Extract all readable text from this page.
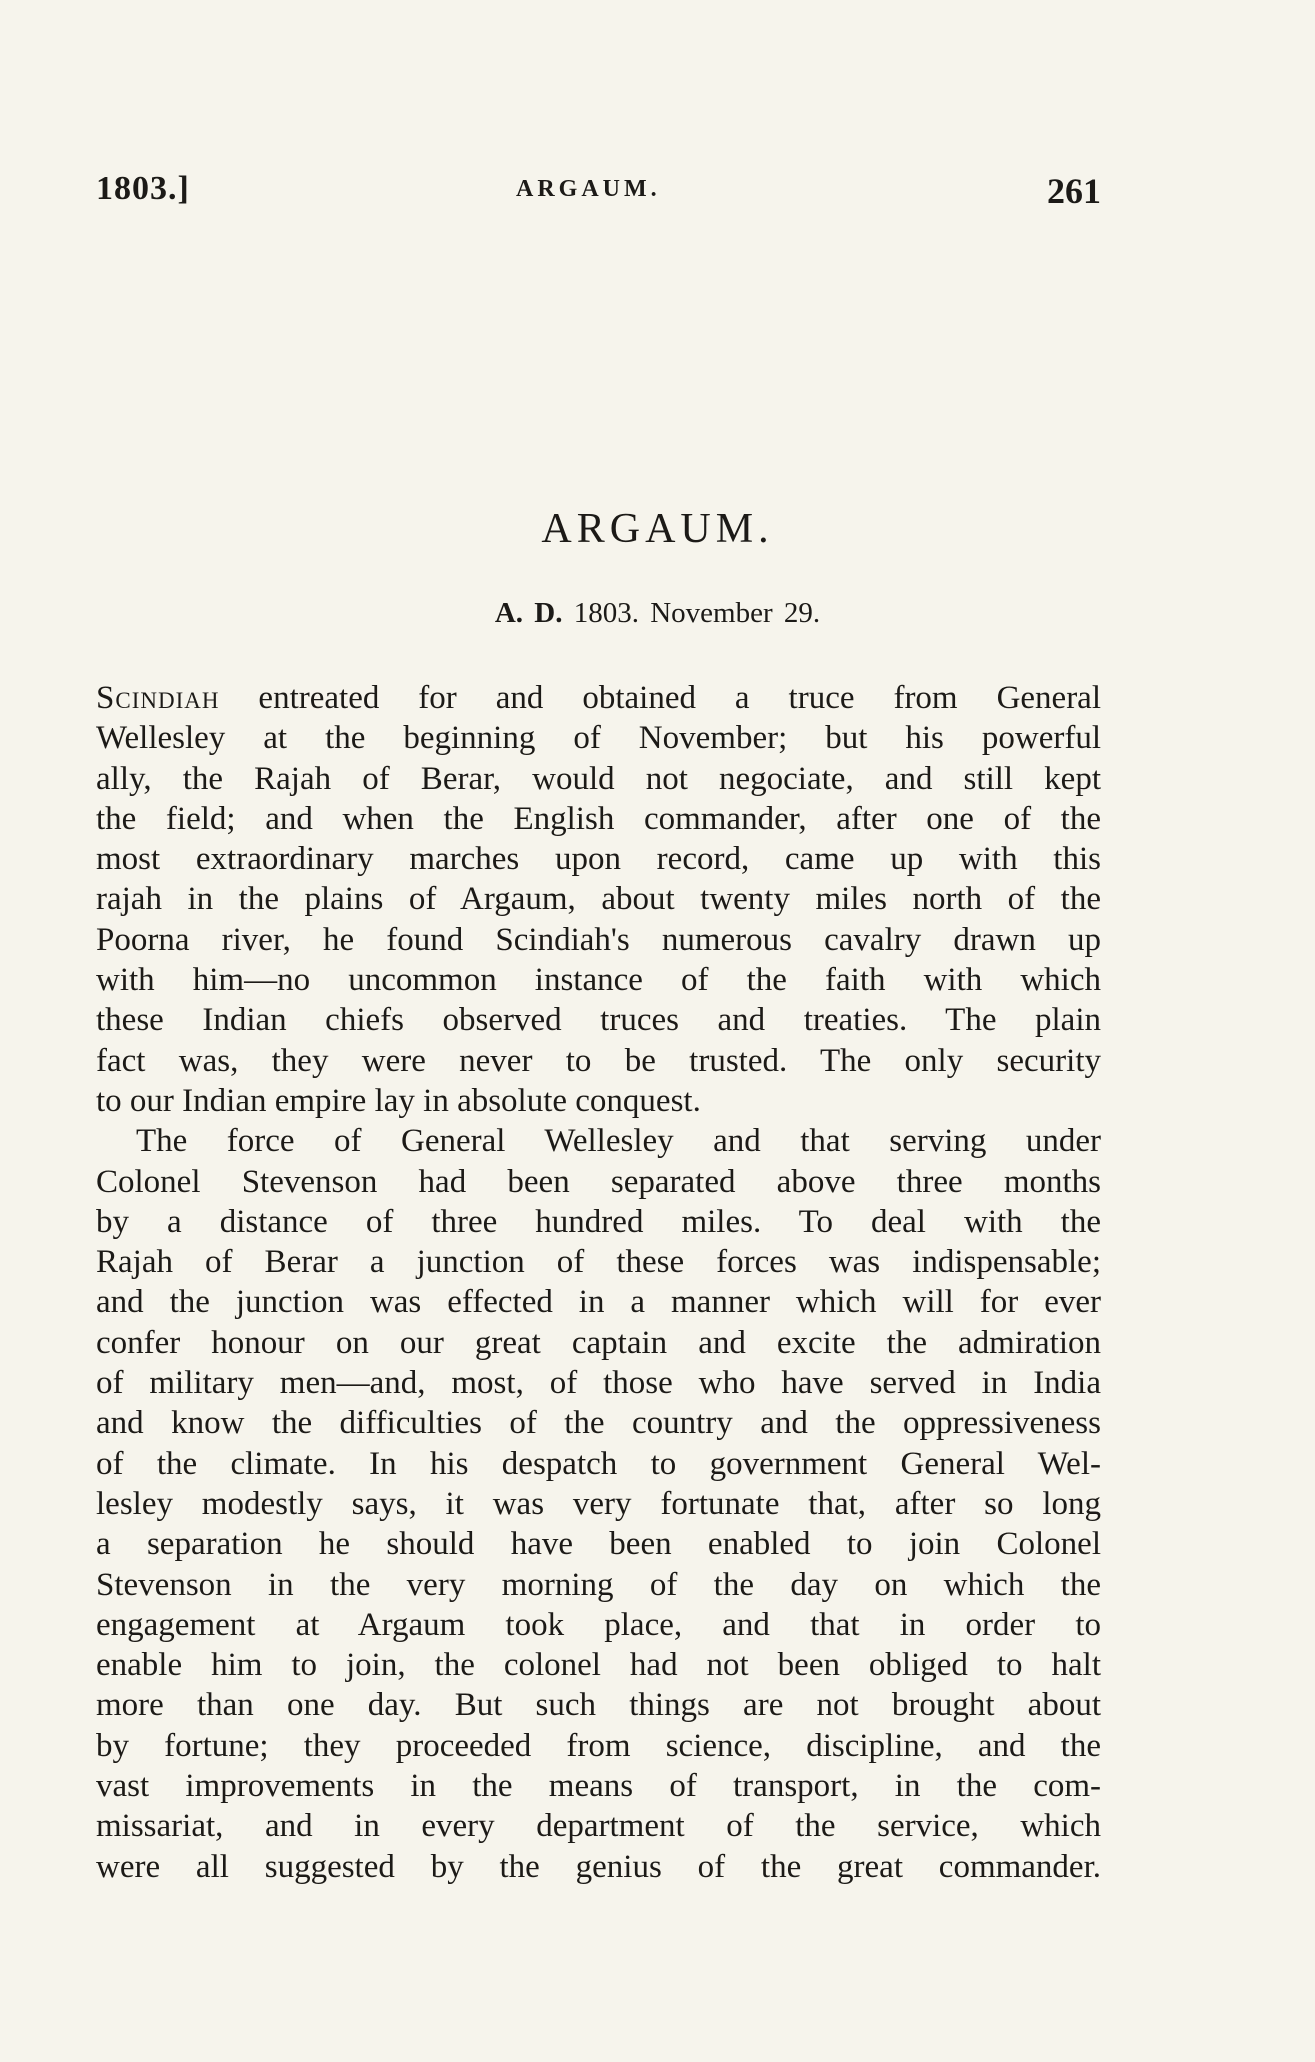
1803.]	ARGAUM.	261
ARGAUM.
A. D. 1803. November 29.
Scindiah entreated for and obtained a truce from General
Wellesley at the beginning of November; but his powerful
ally, the Rajah of Berar, would not negociate, and still kept
the field; and when the English commander, after one of the
most extraordinary marches upon record, came up with this
rajah in the plains of Argaum, about twenty miles north of the
Poorna river, he found Scindiah's numerous cavalry drawn up
with him—no uncommon instance of the faith with which
these Indian chiefs observed truces and treaties. The plain
fact was, they were never to be trusted. The only security
to our Indian empire lay in absolute conquest.
The force of General Wellesley and that serving under
Colonel Stevenson had been separated above three months
by a distance of three hundred miles. To deal with the
Rajah of Berar a junction of these forces was indispensable;
and the junction was effected in a manner which will for ever
confer honour on our great captain and excite the admiration
of military men—and, most, of those who have served in India
and know the difficulties of the country and the oppressiveness
of the climate. In his despatch to government General Wel-
lesley modestly says, it was very fortunate that, after so long
a separation he should have been enabled to join Colonel
Stevenson in the very morning of the day on which the
engagement at Argaum took place, and that in order to
enable him to join, the colonel had not been obliged to halt
more than one day. But such things are not brought about
by fortune; they proceeded from science, discipline, and the
vast improvements in the means of transport, in the com-
missariat, and in every department of the service, which
were all suggested by the genius of the great commander.
